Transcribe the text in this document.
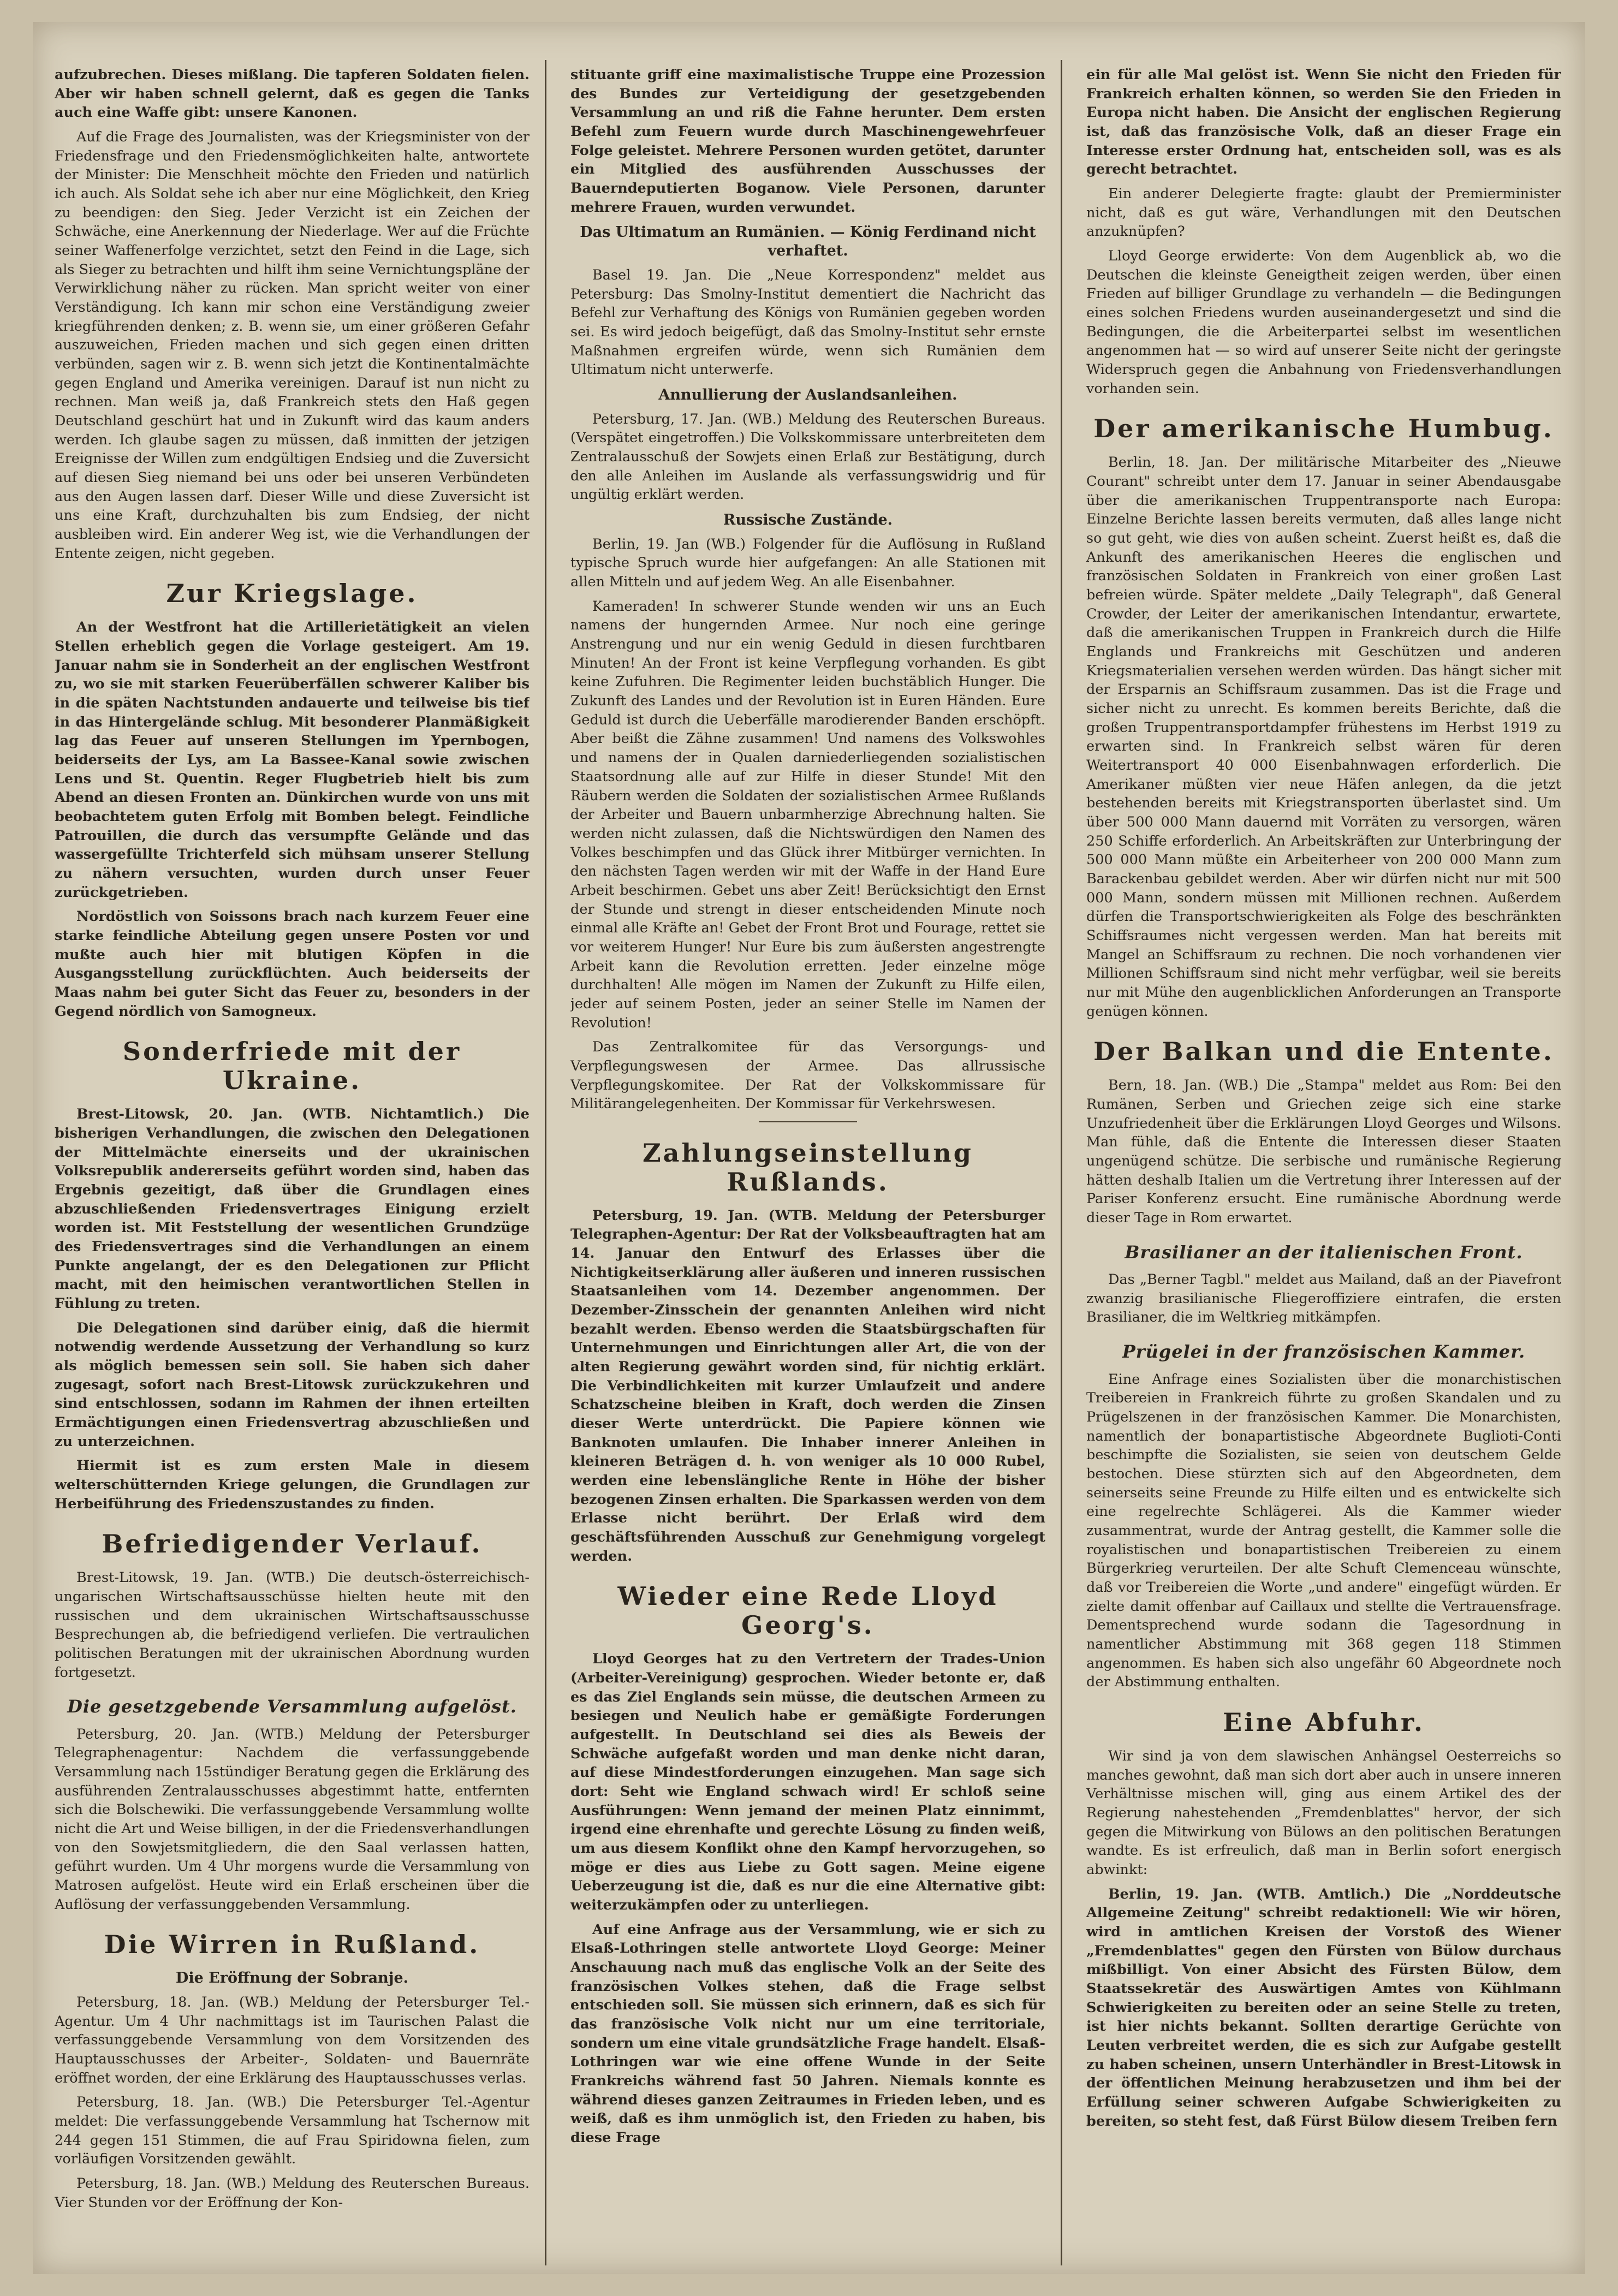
aufzubrechen. Dieses mißlang. Die tapferen Soldaten fielen. Aber wir haben schnell gelernt, daß es gegen die Tanks auch eine Waffe gibt: unsere Kanonen.

Auf die Frage des Journalisten, was der Kriegsminister von der Friedensfrage und den Friedensmöglichkeiten halte, antwortete der Minister: Die Menschheit möchte den Frieden und natürlich ich auch. Als Soldat sehe ich aber nur eine Möglichkeit, den Krieg zu beendigen: den Sieg. Jeder Verzicht ist ein Zeichen der Schwäche, eine Anerkennung der Niederlage. Wer auf die Früchte seiner Waffenerfolge verzichtet, setzt den Feind in die Lage, sich als Sieger zu betrachten und hilft ihm seine Vernichtungspläne der Verwirklichung näher zu rücken. Man spricht weiter von einer Verständigung. Ich kann mir schon eine Verständigung zweier kriegführenden denken; z. B. wenn sie, um einer größeren Gefahr auszuweichen, Frieden machen und sich gegen einen dritten verbünden, sagen wir z. B. wenn sich jetzt die Kontinentalmächte gegen England und Amerika vereinigen. Darauf ist nun nicht zu rechnen. Man weiß ja, daß Frankreich stets den Haß gegen Deutschland geschürt hat und in Zukunft wird das kaum anders werden. Ich glaube sagen zu müssen, daß inmitten der jetzigen Ereignisse der Willen zum endgültigen Endsieg und die Zuversicht auf diesen Sieg niemand bei uns oder bei unseren Verbündeten aus den Augen lassen darf. Dieser Wille und diese Zuversicht ist uns eine Kraft, durchzuhalten bis zum Endsieg, der nicht ausbleiben wird. Ein anderer Weg ist, wie die Verhandlungen der Entente zeigen, nicht gegeben.

Zur Kriegslage.

An der Westfront hat die Artillerietätigkeit an vielen Stellen erheblich gegen die Vorlage gesteigert. Am 19. Januar nahm sie in Sonderheit an der englischen Westfront zu, wo sie mit starken Feuerüberfällen schwerer Kaliber bis in die späten Nachtstunden andauerte und teilweise bis tief in das Hintergelände schlug. Mit besonderer Planmäßigkeit lag das Feuer auf unseren Stellungen im Ypernbogen, beiderseits der Lys, am La Bassee-Kanal sowie zwischen Lens und St. Quentin. Reger Flugbetrieb hielt bis zum Abend an diesen Fronten an. Dünkirchen wurde von uns mit beobachtetem guten Erfolg mit Bomben belegt. Feindliche Patrouillen, die durch das versumpfte Gelände und das wassergefüllte Trichterfeld sich mühsam unserer Stellung zu nähern versuchten, wurden durch unser Feuer zurückgetrieben.

Nordöstlich von Soissons brach nach kurzem Feuer eine starke feindliche Abteilung gegen unsere Posten vor und mußte auch hier mit blutigen Köpfen in die Ausgangsstellung zurückflüchten. Auch beiderseits der Maas nahm bei guter Sicht das Feuer zu, besonders in der Gegend nördlich von Samogneux.

Sonderfriede mit der Ukraine.

Brest-Litowsk, 20. Jan. (WTB. Nichtamtlich.) Die bisherigen Verhandlungen, die zwischen den Delegationen der Mittelmächte einerseits und der ukrainischen Volksrepublik andererseits geführt worden sind, haben das Ergebnis gezeitigt, daß über die Grundlagen eines abzuschließenden Friedensvertrages Einigung erzielt worden ist. Mit Feststellung der wesentlichen Grundzüge des Friedensvertrages sind die Verhandlungen an einem Punkte angelangt, der es den Delegationen zur Pflicht macht, mit den heimischen verantwortlichen Stellen in Fühlung zu treten.

Die Delegationen sind darüber einig, daß die hiermit notwendig werdende Aussetzung der Verhandlung so kurz als möglich bemessen sein soll. Sie haben sich daher zugesagt, sofort nach Brest-Litowsk zurückzukehren und sind entschlossen, sodann im Rahmen der ihnen erteilten Ermächtigungen einen Friedensvertrag abzuschließen und zu unterzeichnen.

Hiermit ist es zum ersten Male in diesem welterschütternden Kriege gelungen, die Grundlagen zur Herbeiführung des Friedenszustandes zu finden.

Befriedigender Verlauf.

Brest-Litowsk, 19. Jan. (WTB.) Die deutsch-österreichisch-ungarischen Wirtschaftsausschüsse hielten heute mit den russischen und dem ukrainischen Wirtschaftsausschusse Besprechungen ab, die befriedigend verliefen. Die vertraulichen politischen Beratungen mit der ukrainischen Abordnung wurden fortgesetzt.

Die gesetzgebende Versammlung aufgelöst.

Petersburg, 20. Jan. (WTB.) Meldung der Petersburger Telegraphenagentur: Nachdem die verfassunggebende Versammlung nach 15stündiger Beratung gegen die Erklärung des ausführenden Zentralausschusses abgestimmt hatte, entfernten sich die Bolschewiki. Die verfassunggebende Versammlung wollte nicht die Art und Weise billigen, in der die Friedensverhandlungen von den Sowjetsmitgliedern, die den Saal verlassen hatten, geführt wurden. Um 4 Uhr morgens wurde die Versammlung von Matrosen aufgelöst. Heute wird ein Erlaß erscheinen über die Auflösung der verfassunggebenden Versammlung.

Die Wirren in Rußland.
Die Eröffnung der Sobranje.

Petersburg, 18. Jan. (WB.) Meldung der Petersburger Tel.-Agentur. Um 4 Uhr nachmittags ist im Taurischen Palast die verfassunggebende Versammlung von dem Vorsitzenden des Hauptausschusses der Arbeiter-, Soldaten- und Bauernräte eröffnet worden, der eine Erklärung des Hauptausschusses verlas.

Petersburg, 18. Jan. (WB.) Die Petersburger Tel.-Agentur meldet: Die verfassunggebende Versammlung hat Tschernow mit 244 gegen 151 Stimmen, die auf Frau Spiridowna fielen, zum vorläufigen Vorsitzenden gewählt.

Petersburg, 18. Jan. (WB.) Meldung des Reuterschen Bureaus. Vier Stunden vor der Eröffnung der Kon-

stituante griff eine maximalistische Truppe eine Prozession des Bundes zur Verteidigung der gesetzgebenden Versammlung an und riß die Fahne herunter. Dem ersten Befehl zum Feuern wurde durch Maschinengewehrfeuer Folge geleistet. Mehrere Personen wurden getötet, darunter ein Mitglied des ausführenden Ausschusses der Bauerndeputierten Boganow. Viele Personen, darunter mehrere Frauen, wurden verwundet.

Das Ultimatum an Rumänien. — König Ferdinand nicht verhaftet.

Basel 19. Jan. Die „Neue Korrespondenz" meldet aus Petersburg: Das Smolny-Institut dementiert die Nachricht das Befehl zur Verhaftung des Königs von Rumänien gegeben worden sei. Es wird jedoch beigefügt, daß das Smolny-Institut sehr ernste Maßnahmen ergreifen würde, wenn sich Rumänien dem Ultimatum nicht unterwerfe.

Annullierung der Auslandsanleihen.

Petersburg, 17. Jan. (WB.) Meldung des Reuterschen Bureaus. (Verspätet eingetroffen.) Die Volkskommissare unterbreiteten dem Zentralausschuß der Sowjets einen Erlaß zur Bestätigung, durch den alle Anleihen im Auslande als verfassungswidrig und für ungültig erklärt werden.

Russische Zustände.

Berlin, 19. Jan (WB.) Folgender für die Auflösung in Rußland typische Spruch wurde hier aufgefangen: An alle Stationen mit allen Mitteln und auf jedem Weg. An alle Eisenbahner.

Kameraden! In schwerer Stunde wenden wir uns an Euch namens der hungernden Armee. Nur noch eine geringe Anstrengung und nur ein wenig Geduld in diesen furchtbaren Minuten! An der Front ist keine Verpflegung vorhanden. Es gibt keine Zufuhren. Die Regimenter leiden buchstäblich Hunger. Die Zukunft des Landes und der Revolution ist in Euren Händen. Eure Geduld ist durch die Ueberfälle marodierender Banden erschöpft. Aber beißt die Zähne zusammen! Und namens des Volkswohles und namens der in Qualen darniederliegenden sozialistischen Staatsordnung alle auf zur Hilfe in dieser Stunde! Mit den Räubern werden die Soldaten der sozialistischen Armee Rußlands der Arbeiter und Bauern unbarmherzige Abrechnung halten. Sie werden nicht zulassen, daß die Nichtswürdigen den Namen des Volkes beschimpfen und das Glück ihrer Mitbürger vernichten. In den nächsten Tagen werden wir mit der Waffe in der Hand Eure Arbeit beschirmen. Gebet uns aber Zeit! Berücksichtigt den Ernst der Stunde und strengt in dieser entscheidenden Minute noch einmal alle Kräfte an! Gebet der Front Brot und Fourage, rettet sie vor weiterem Hunger! Nur Eure bis zum äußersten angestrengte Arbeit kann die Revolution erretten. Jeder einzelne möge durchhalten! Alle mögen im Namen der Zukunft zu Hilfe eilen, jeder auf seinem Posten, jeder an seiner Stelle im Namen der Revolution!

Das Zentralkomitee für das Versorgungs- und Verpflegungswesen der Armee. Das allrussische Verpflegungskomitee. Der Rat der Volkskommissare für Militärangelegenheiten. Der Kommissar für Verkehrswesen.

Zahlungseinstellung Rußlands.

Petersburg, 19. Jan. (WTB. Meldung der Petersburger Telegraphen-Agentur: Der Rat der Volksbeauftragten hat am 14. Januar den Entwurf des Erlasses über die Nichtigkeitserklärung aller äußeren und inneren russischen Staatsanleihen vom 14. Dezember angenommen. Der Dezember-Zinsschein der genannten Anleihen wird nicht bezahlt werden. Ebenso werden die Staatsbürgschaften für Unternehmungen und Einrichtungen aller Art, die von der alten Regierung gewährt worden sind, für nichtig erklärt. Die Verbindlichkeiten mit kurzer Umlaufzeit und andere Schatzscheine bleiben in Kraft, doch werden die Zinsen dieser Werte unterdrückt. Die Papiere können wie Banknoten umlaufen. Die Inhaber innerer Anleihen in kleineren Beträgen d. h. von weniger als 10 000 Rubel, werden eine lebenslängliche Rente in Höhe der bisher bezogenen Zinsen erhalten. Die Sparkassen werden von dem Erlasse nicht berührt. Der Erlaß wird dem geschäftsführenden Ausschuß zur Genehmigung vorgelegt werden.

Wieder eine Rede Lloyd Georg's.

Lloyd Georges hat zu den Vertretern der Trades-Union (Arbeiter-Vereinigung) gesprochen. Wieder betonte er, daß es das Ziel Englands sein müsse, die deutschen Armeen zu besiegen und Neulich habe er gemäßigte Forderungen aufgestellt. In Deutschland sei dies als Beweis der Schwäche aufgefaßt worden und man denke nicht daran, auf diese Mindestforderungen einzugehen. Man sage sich dort: Seht wie England schwach wird! Er schloß seine Ausführungen: Wenn jemand der meinen Platz einnimmt, irgend eine ehrenhafte und gerechte Lösung zu finden weiß, um aus diesem Konflikt ohne den Kampf hervorzugehen, so möge er dies aus Liebe zu Gott sagen. Meine eigene Ueberzeugung ist die, daß es nur die eine Alternative gibt: weiterzukämpfen oder zu unterliegen.

Auf eine Anfrage aus der Versammlung, wie er sich zu Elsaß-Lothringen stelle antwortete Lloyd George: Meiner Anschauung nach muß das englische Volk an der Seite des französischen Volkes stehen, daß die Frage selbst entschieden soll. Sie müssen sich erinnern, daß es sich für das französische Volk nicht nur um eine territoriale, sondern um eine vitale grundsätzliche Frage handelt. Elsaß-Lothringen war wie eine offene Wunde in der Seite Frankreichs während fast 50 Jahren. Niemals konnte es während dieses ganzen Zeitraumes in Frieden leben, und es weiß, daß es ihm unmöglich ist, den Frieden zu haben, bis diese Frage

ein für alle Mal gelöst ist. Wenn Sie nicht den Frieden für Frankreich erhalten können, so werden Sie den Frieden in Europa nicht haben. Die Ansicht der englischen Regierung ist, daß das französische Volk, daß an dieser Frage ein Interesse erster Ordnung hat, entscheiden soll, was es als gerecht betrachtet.

Ein anderer Delegierte fragte: glaubt der Premierminister nicht, daß es gut wäre, Verhandlungen mit den Deutschen anzuknüpfen?

Lloyd George erwiderte: Von dem Augenblick ab, wo die Deutschen die kleinste Geneigtheit zeigen werden, über einen Frieden auf billiger Grundlage zu verhandeln — die Bedingungen eines solchen Friedens wurden auseinandergesetzt und sind die Bedingungen, die die Arbeiterpartei selbst im wesentlichen angenommen hat — so wird auf unserer Seite nicht der geringste Widerspruch gegen die Anbahnung von Friedensverhandlungen vorhanden sein.

Der amerikanische Humbug.

Berlin, 18. Jan. Der militärische Mitarbeiter des „Nieuwe Courant" schreibt unter dem 17. Januar in seiner Abendausgabe über die amerikanischen Truppentransporte nach Europa: Einzelne Berichte lassen bereits vermuten, daß alles lange nicht so gut geht, wie dies von außen scheint. Zuerst heißt es, daß die Ankunft des amerikanischen Heeres die englischen und französischen Soldaten in Frankreich von einer großen Last befreien würde. Später meldete „Daily Telegraph", daß General Crowder, der Leiter der amerikanischen Intendantur, erwartete, daß die amerikanischen Truppen in Frankreich durch die Hilfe Englands und Frankreichs mit Geschützen und anderen Kriegsmaterialien versehen werden würden. Das hängt sicher mit der Ersparnis an Schiffsraum zusammen. Das ist die Frage und sicher nicht zu unrecht. Es kommen bereits Berichte, daß die großen Truppentransportdampfer frühestens im Herbst 1919 zu erwarten sind. In Frankreich selbst wären für deren Weitertransport 40 000 Eisenbahnwagen erforderlich. Die Amerikaner müßten vier neue Häfen anlegen, da die jetzt bestehenden bereits mit Kriegstransporten überlastet sind. Um über 500 000 Mann dauernd mit Vorräten zu versorgen, wären 250 Schiffe erforderlich. An Arbeitskräften zur Unterbringung der 500 000 Mann müßte ein Arbeiterheer von 200 000 Mann zum Barackenbau gebildet werden. Aber wir dürfen nicht nur mit 500 000 Mann, sondern müssen mit Millionen rechnen. Außerdem dürfen die Transportschwierigkeiten als Folge des beschränkten Schiffsraumes nicht vergessen werden. Man hat bereits mit Mangel an Schiffsraum zu rechnen. Die noch vorhandenen vier Millionen Schiffsraum sind nicht mehr verfügbar, weil sie bereits nur mit Mühe den augenblicklichen Anforderungen an Transporte genügen können.

Der Balkan und die Entente.

Bern, 18. Jan. (WB.) Die „Stampa" meldet aus Rom: Bei den Rumänen, Serben und Griechen zeige sich eine starke Unzufriedenheit über die Erklärungen Lloyd Georges und Wilsons. Man fühle, daß die Entente die Interessen dieser Staaten ungenügend schütze. Die serbische und rumänische Regierung hätten deshalb Italien um die Vertretung ihrer Interessen auf der Pariser Konferenz ersucht. Eine rumänische Abordnung werde dieser Tage in Rom erwartet.

Brasilianer an der italienischen Front.

Das „Berner Tagbl." meldet aus Mailand, daß an der Piavefront zwanzig brasilianische Fliegeroffiziere eintrafen, die ersten Brasilianer, die im Weltkrieg mitkämpfen.

Prügelei in der französischen Kammer.

Eine Anfrage eines Sozialisten über die monarchistischen Treibereien in Frankreich führte zu großen Skandalen und zu Prügelszenen in der französischen Kammer. Die Monarchisten, namentlich der bonapartistische Abgeordnete Buglioti-Conti beschimpfte die Sozialisten, sie seien von deutschem Gelde bestochen. Diese stürzten sich auf den Abgeordneten, dem seinerseits seine Freunde zu Hilfe eilten und es entwickelte sich eine regelrechte Schlägerei. Als die Kammer wieder zusammentrat, wurde der Antrag gestellt, die Kammer solle die royalistischen und bonapartistischen Treibereien zu einem Bürgerkrieg verurteilen. Der alte Schuft Clemenceau wünschte, daß vor Treibereien die Worte „und andere" eingefügt würden. Er zielte damit offenbar auf Caillaux und stellte die Vertrauensfrage. Dementsprechend wurde sodann die Tagesordnung in namentlicher Abstimmung mit 368 gegen 118 Stimmen angenommen. Es haben sich also ungefähr 60 Abgeordnete noch der Abstimmung enthalten.

Eine Abfuhr.

Wir sind ja von dem slawischen Anhängsel Oesterreichs so manches gewohnt, daß man sich dort aber auch in unsere inneren Verhältnisse mischen will, ging aus einem Artikel des der Regierung nahestehenden „Fremdenblattes" hervor, der sich gegen die Mitwirkung von Bülows an den politischen Beratungen wandte. Es ist erfreulich, daß man in Berlin sofort energisch abwinkt:

Berlin, 19. Jan. (WTB. Amtlich.) Die „Norddeutsche Allgemeine Zeitung" schreibt redaktionell: Wie wir hören, wird in amtlichen Kreisen der Vorstoß des Wiener „Fremdenblattes" gegen den Fürsten von Bülow durchaus mißbilligt. Von einer Absicht des Fürsten Bülow, dem Staatssekretär des Auswärtigen Amtes von Kühlmann Schwierigkeiten zu bereiten oder an seine Stelle zu treten, ist hier nichts bekannt. Sollten derartige Gerüchte von Leuten verbreitet werden, die es sich zur Aufgabe gestellt zu haben scheinen, unsern Unterhändler in Brest-Litowsk in der öffentlichen Meinung herabzusetzen und ihm bei der Erfüllung seiner schweren Aufgabe Schwierigkeiten zu bereiten, so steht fest, daß Fürst Bülow diesem Treiben fern
